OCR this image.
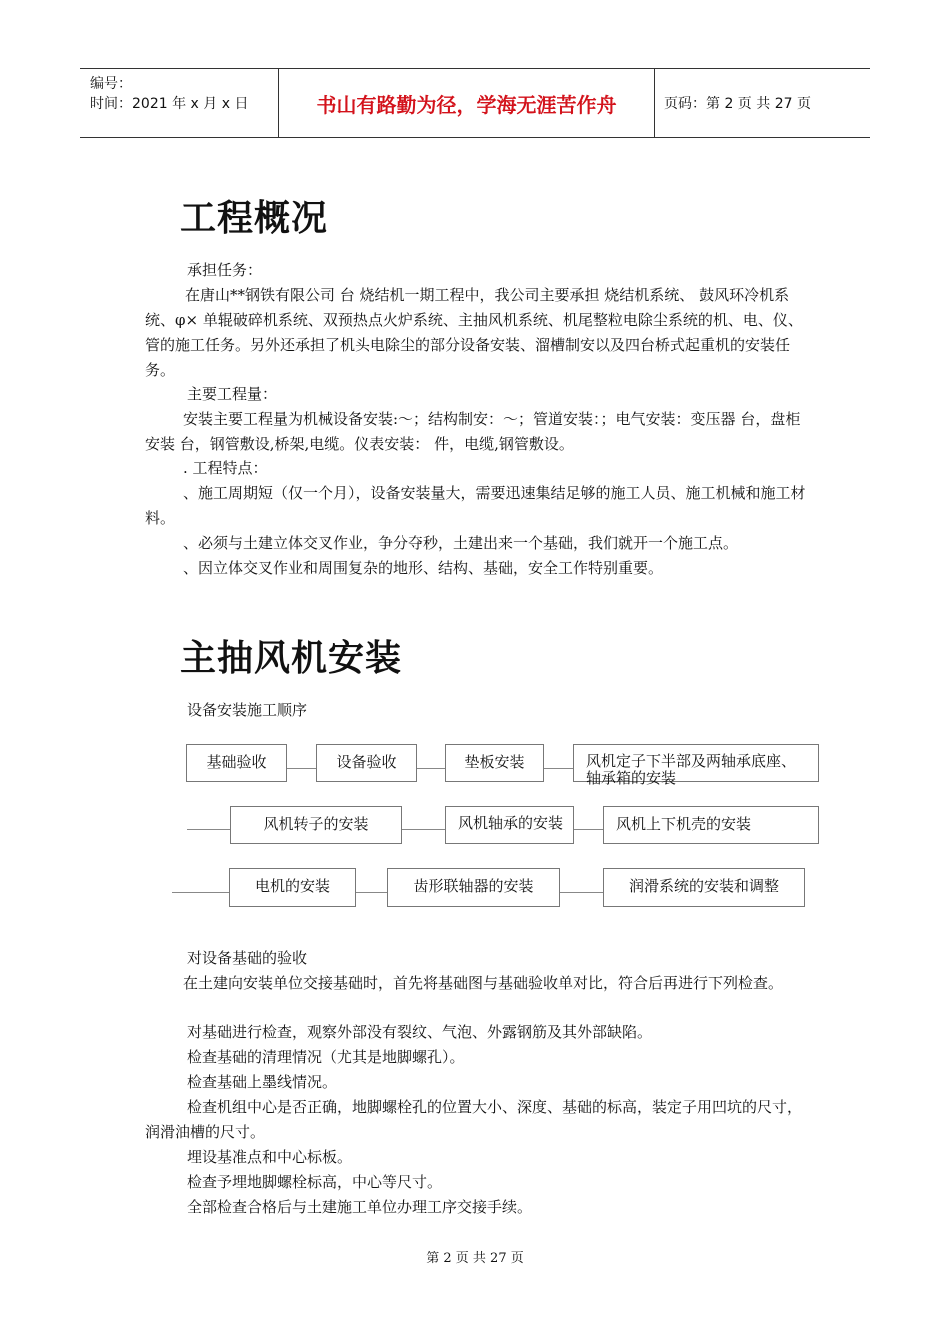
编号：
时间：2021 年 x 月 x 日	书山有路勤为径，学海无涯苦作舟	页码：第 2 页 共 27 页
工程概况

承担任务：

在唐山**钢铁有限公司 台 烧结机一期工程中，我公司主要承担 烧结机系统、 鼓风环冷机系统、φ× 单辊破碎机系统、双预热点火炉系统、主抽风机系统、机尾整粒电除尘系统的机、电、仪、管的施工任务。另外还承担了机头电除尘的部分设备安装、溜槽制安以及四台桥式起重机的安装任务。

主要工程量：

安装主要工程量为机械设备安装:～；结构制安：～；管道安装：；电气安装：变压器 台，盘柜安装 台，钢管敷设,桥架,电缆。仪表安装： 件，电缆,钢管敷设。

. 工程特点：

、施工周期短（仅一个月），设备安装量大，需要迅速集结足够的施工人员、施工机械和施工材料。

、必须与土建立体交叉作业，争分夺秒，土建出来一个基础，我们就开一个施工点。

、因立体交叉作业和周围复杂的地形、结构、基础，安全工作特别重要。

主抽风机安装

设备安装施工顺序

基础验收	设备验收	垫板安装	风机定子下半部及两轴承底座、轴承箱的安装
风机转子的安装	风机轴承的安装	风机上下机壳的安装
电机的安装	齿形联轴器的安装	润滑系统的安装和调整

对设备基础的验收

在土建向安装单位交接基础时，首先将基础图与基础验收单对比，符合后再进行下列检查。

对基础进行检查，观察外部没有裂纹、气泡、外露钢筋及其外部缺陷。

检查基础的清理情况（尤其是地脚螺孔）。

检查基础上墨线情况。

检查机组中心是否正确，地脚螺栓孔的位置大小、深度、基础的标高，装定子用凹坑的尺寸，润滑油槽的尺寸。

埋设基准点和中心标板。

检查予埋地脚螺栓标高，中心等尺寸。

全部检查合格后与土建施工单位办理工序交接手续。

第 2 页 共 27 页
